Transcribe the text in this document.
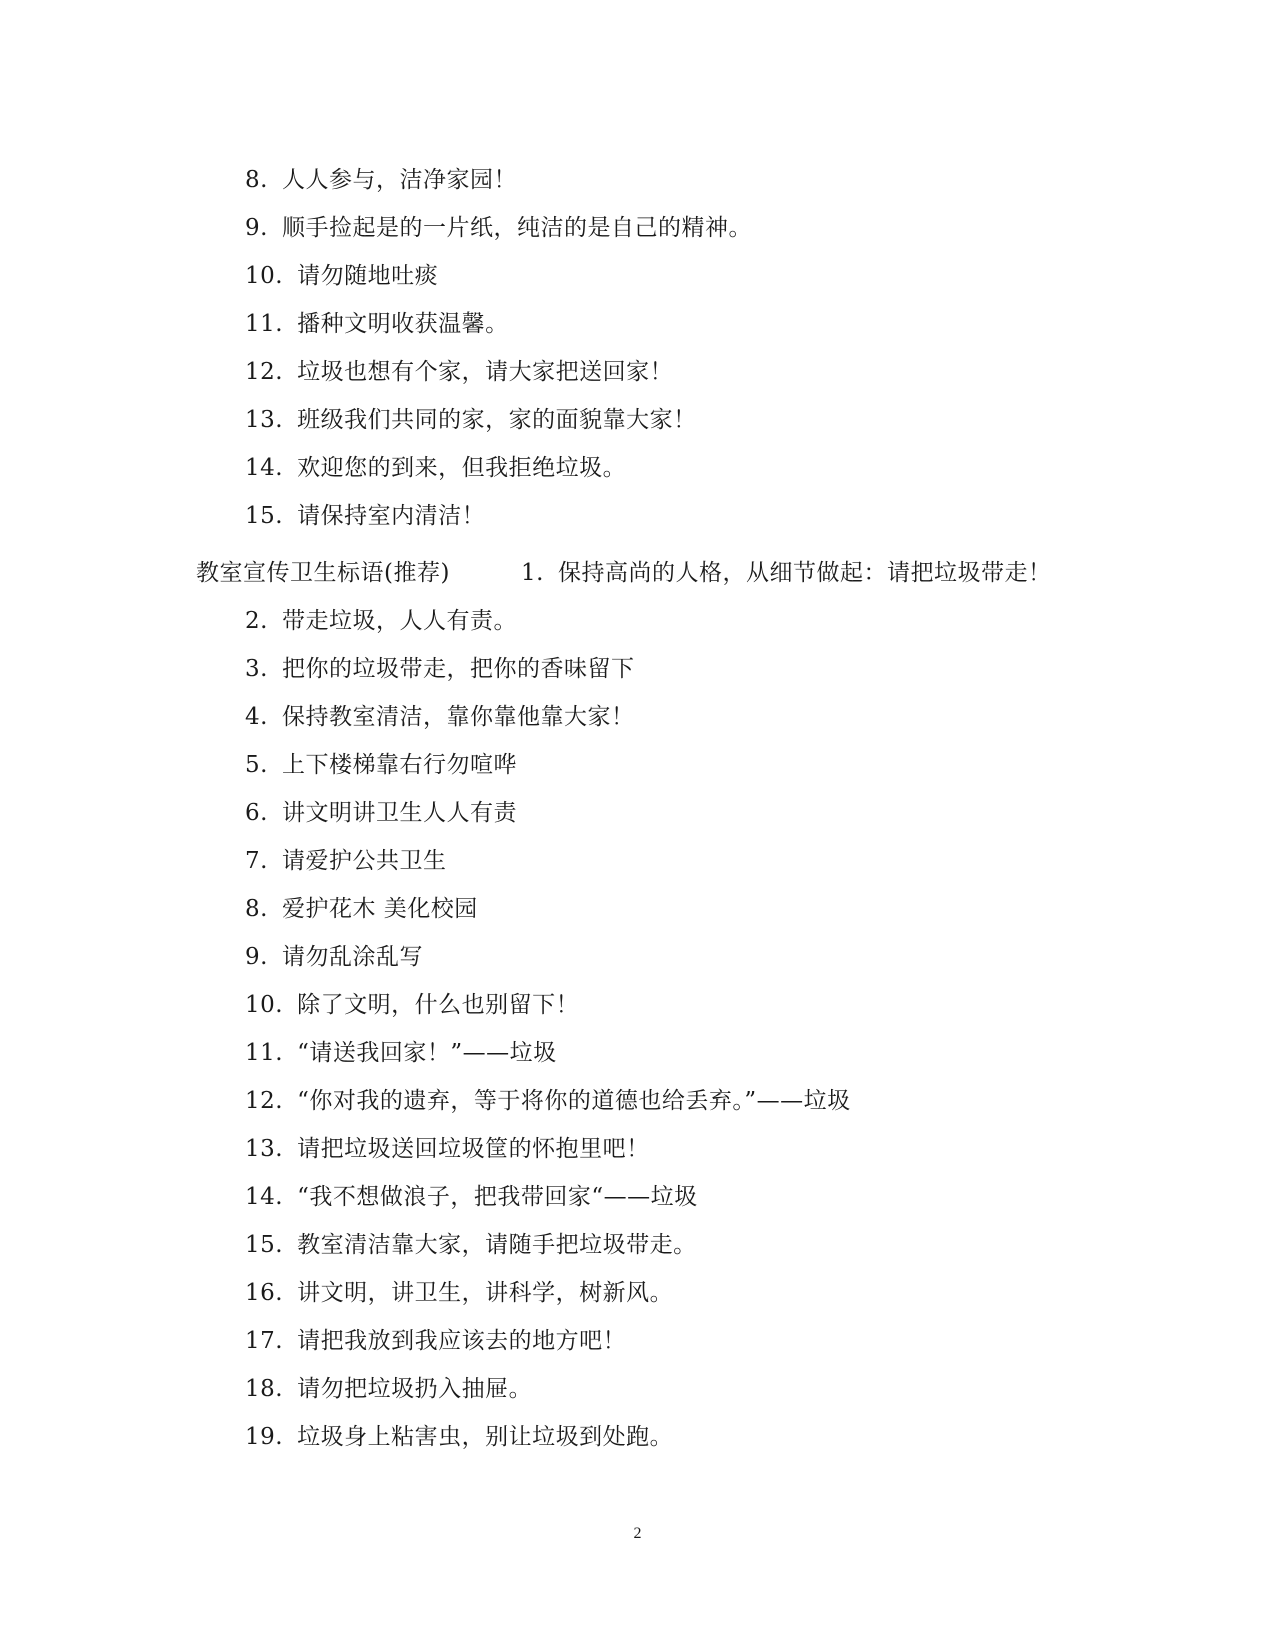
8. 人人参与，洁净家园！
9. 顺手捡起是的一片纸，纯洁的是自己的精神。
10. 请勿随地吐痰
11. 播种文明收获温馨。
12. 垃圾也想有个家，请大家把送回家！
13. 班级我们共同的家，家的面貌靠大家！
14. 欢迎您的到来，但我拒绝垃圾。
15. 请保持室内清洁！
教室宣传卫生标语(推荐)	1. 保持高尚的人格，从细节做起：请把垃圾带走！
2. 带走垃圾，人人有责。
3. 把你的垃圾带走，把你的香味留下
4. 保持教室清洁，靠你靠他靠大家！
5. 上下楼梯靠右行勿喧哗
6. 讲文明讲卫生人人有责
7. 请爱护公共卫生
8. 爱护花木 美化校园
9. 请勿乱涂乱写
10. 除了文明，什么也别留下！
11. “请送我回家！”——垃圾
12. “你对我的遗弃，等于将你的道德也给丢弃。”——垃圾
13. 请把垃圾送回垃圾筐的怀抱里吧！
14. “我不想做浪子，把我带回家“——垃圾
15. 教室清洁靠大家，请随手把垃圾带走。
16. 讲文明，讲卫生，讲科学，树新风。
17. 请把我放到我应该去的地方吧！
18. 请勿把垃圾扔入抽屉。
19. 垃圾身上粘害虫，别让垃圾到处跑。
2
